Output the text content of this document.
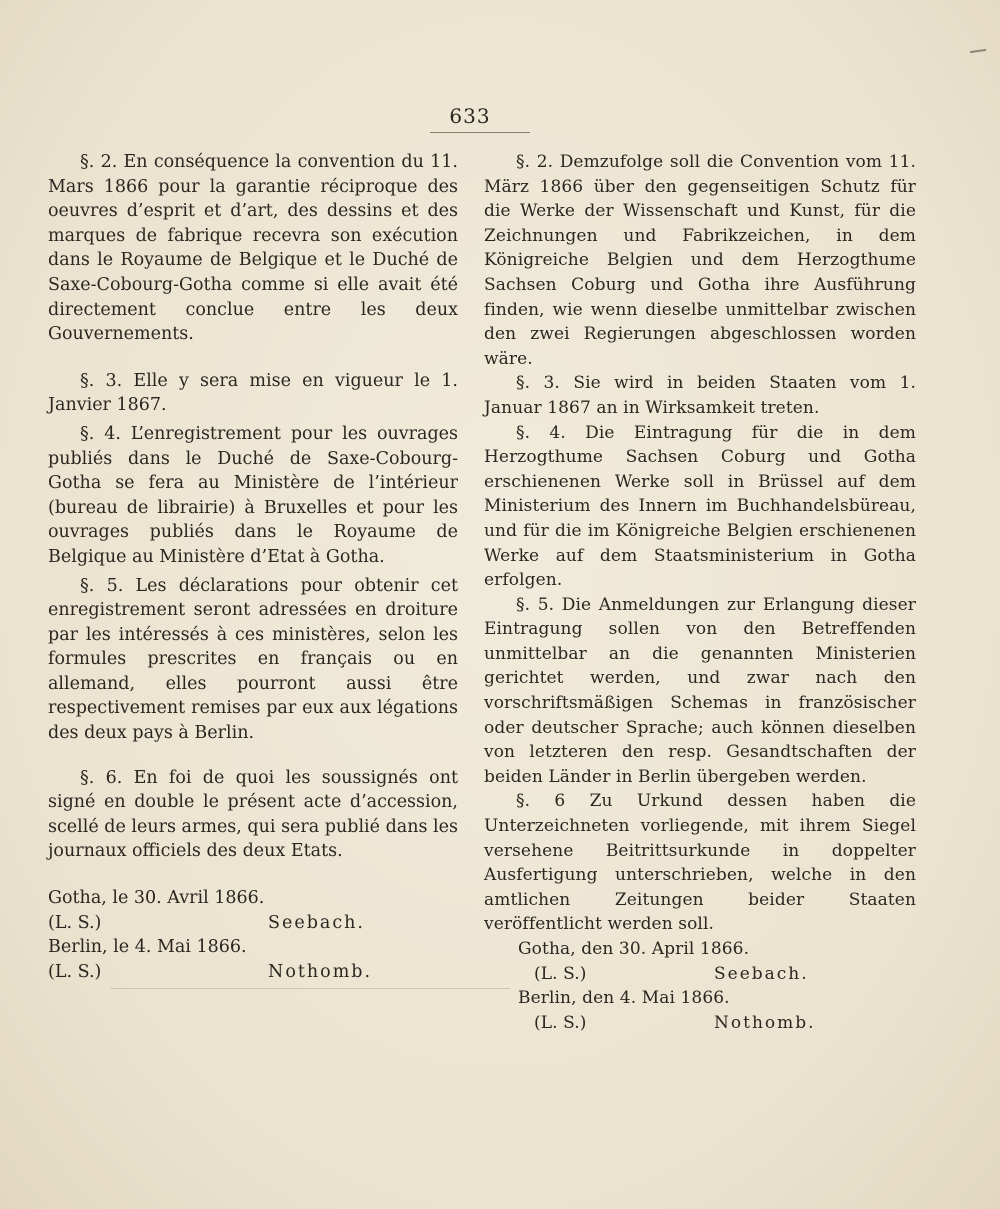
633

§. 2. En conséquence la convention du 11. Mars 1866 pour la garantie réciproque des oeuvres d’esprit et d’art, des dessins et des marques de fabrique recevra son exécution dans le Royaume de Belgique et le Duché de Saxe-Cobourg-Gotha comme si elle avait été directement conclue entre les deux Gouvernements.

§. 3. Elle y sera mise en vigueur le 1. Janvier 1867.

§. 4. L’enregistrement pour les ouvrages publiés dans le Duché de Saxe-Cobourg-Gotha se fera au Ministère de l’intérieur (bureau de librairie) à Bruxelles et pour les ouvrages publiés dans le Royaume de Belgique au Ministère d’Etat à Gotha.

§. 5. Les déclarations pour obtenir cet enregistrement seront adressées en droiture par les intéressés à ces ministères, selon les formules prescrites en français ou en allemand, elles pourront aussi être respectivement remises par eux aux légations des deux pays à Berlin.

§. 6. En foi de quoi les soussignés ont signé en double le présent acte d’accession, scellé de leurs armes, qui sera publié dans les journaux officiels des deux Etats.

Gotha, le 30. Avril 1866.

(L. S.)	Seebach.

Berlin, le 4. Mai 1866.

(L. S.)	Nothomb.

§. 2. Demzufolge soll die Convention vom 11. März 1866 über den gegenseitigen Schutz für die Werke der Wissenschaft und Kunst, für die Zeichnungen und Fabrikzeichen, in dem Königreiche Belgien und dem Herzogthume Sachsen Coburg und Gotha ihre Ausführung finden, wie wenn dieselbe unmittelbar zwischen den zwei Regierungen abgeschlossen worden wäre.

§. 3. Sie wird in beiden Staaten vom 1. Januar 1867 an in Wirksamkeit treten.

§. 4. Die Eintragung für die in dem Herzogthume Sachsen Coburg und Gotha erschienenen Werke soll in Brüssel auf dem Ministerium des Innern im Buchhandelsbüreau, und für die im Königreiche Belgien erschienenen Werke auf dem Staatsministerium in Gotha erfolgen.

§. 5. Die Anmeldungen zur Erlangung dieser Eintragung sollen von den Betreffenden unmittelbar an die genannten Ministerien gerichtet werden, und zwar nach den vorschriftsmäßigen Schemas in französischer oder deutscher Sprache; auch können dieselben von letzteren den resp. Gesandtschaften der beiden Länder in Berlin übergeben werden.

§. 6 Zu Urkund dessen haben die Unterzeichneten vorliegende, mit ihrem Siegel versehene Beitrittsurkunde in doppelter Ausfertigung unterschrieben, welche in den amtlichen Zeitungen beider Staaten veröffentlicht werden soll.

Gotha, den 30. April 1866.

(L. S.)	Seebach.

Berlin, den 4. Mai 1866.

(L. S.)	Nothomb.
